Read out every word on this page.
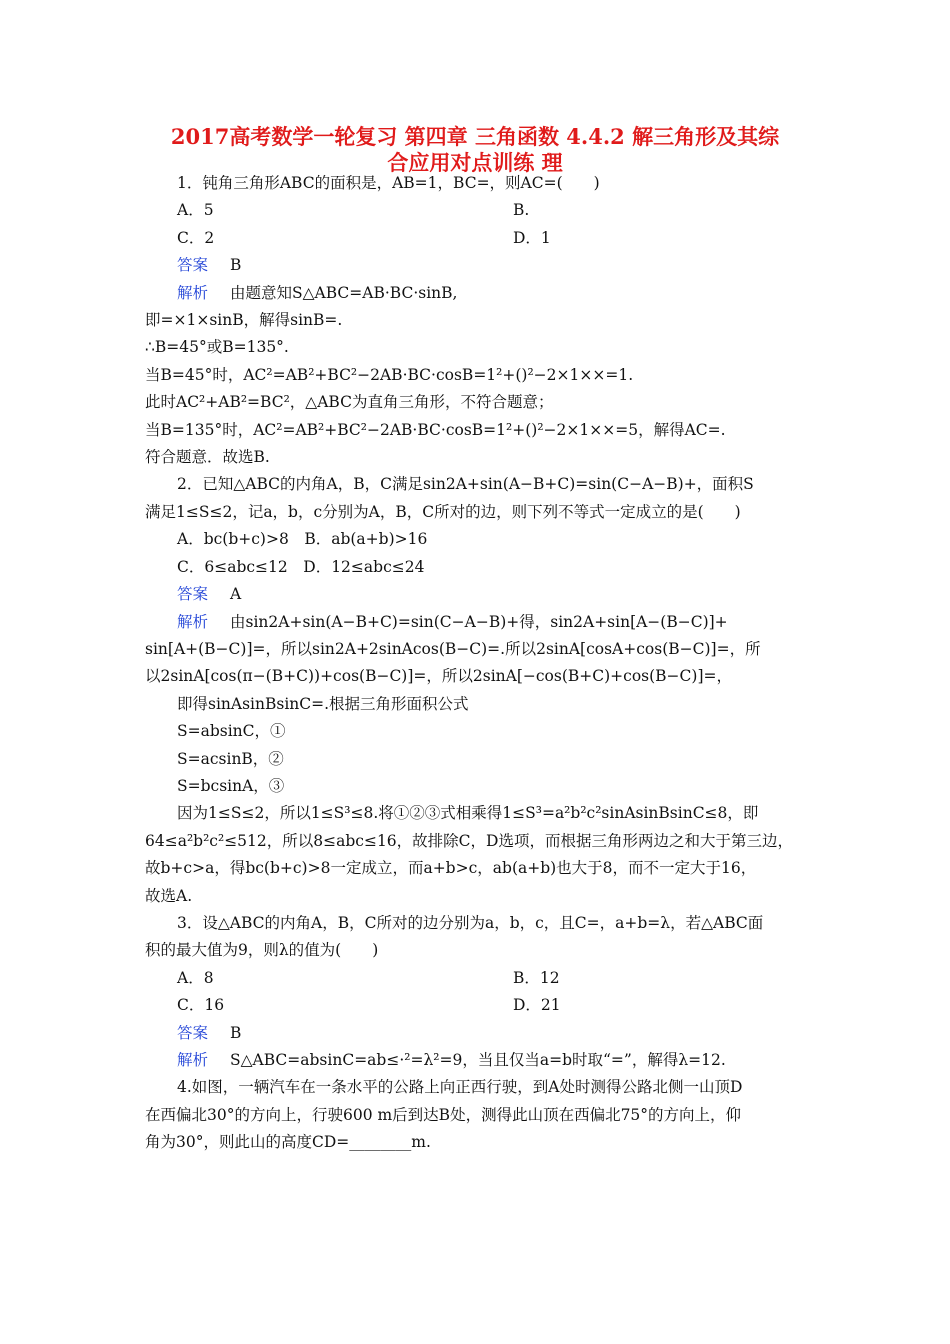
2017高考数学一轮复习 第四章 三角函数 4.4.2 解三角形及其综
合应用对点训练 理
1．钝角三角形ABC的面积是，AB=1，BC=，则AC=(　　)
A．5	B.
C．2	D．1
答案 B
解析 由题意知S△ABC=AB·BC·sinB,
即=×1×sinB，解得sinB=.
∴B=45°或B=135°.
当B=45°时，AC²=AB²+BC²−2AB·BC·cosB=1²+()²−2×1××=1.
此时AC²+AB²=BC²，△ABC为直角三角形，不符合题意；
当B=135°时，AC²=AB²+BC²−2AB·BC·cosB=1²+()²−2×1××=5，解得AC=.
符合题意．故选B.
2．已知△ABC的内角A，B，C满足sin2A+sin(A−B+C)=sin(C−A−B)+，面积S
满足1≤S≤2，记a，b，c分别为A，B，C所对的边，则下列不等式一定成立的是(　　)
A．bc(b+c)>8　B．ab(a+b)>16
C．6≤abc≤12　D．12≤abc≤24
答案 A
解析 由sin2A+sin(A−B+C)=sin(C−A−B)+得，sin2A+sin[A−(B−C)]+
sin[A+(B−C)]=，所以sin2A+2sinAcos(B−C)=.所以2sinA[cosA+cos(B−C)]=，所
以2sinA[cos(π−(B+C))+cos(B−C)]=，所以2sinA[−cos(B+C)+cos(B−C)]=，
即得sinAsinBsinC=.根据三角形面积公式
S=absinC，①
S=acsinB，②
S=bcsinA，③
因为1≤S≤2，所以1≤S³≤8.将①②③式相乘得1≤S³=a²b²c²sinAsinBsinC≤8，即
64≤a²b²c²≤512，所以8≤abc≤16，故排除C，D选项，而根据三角形两边之和大于第三边，
故b+c>a，得bc(b+c)>8一定成立，而a+b>c，ab(a+b)也大于8，而不一定大于16，
故选A.
3．设△ABC的内角A，B，C所对的边分别为a，b，c，且C=，a+b=λ，若△ABC面
积的最大值为9，则λ的值为(　　)
A．8	B．12
C．16	D．21
答案 B
解析 S△ABC=absinC=ab≤·²=λ²=9，当且仅当a=b时取“=”，解得λ=12.
4.如图，一辆汽车在一条水平的公路上向正西行驶，到A处时测得公路北侧一山顶D
在西偏北30°的方向上，行驶600 m后到达B处，测得此山顶在西偏北75°的方向上，仰
角为30°，则此山的高度CD=________m.
